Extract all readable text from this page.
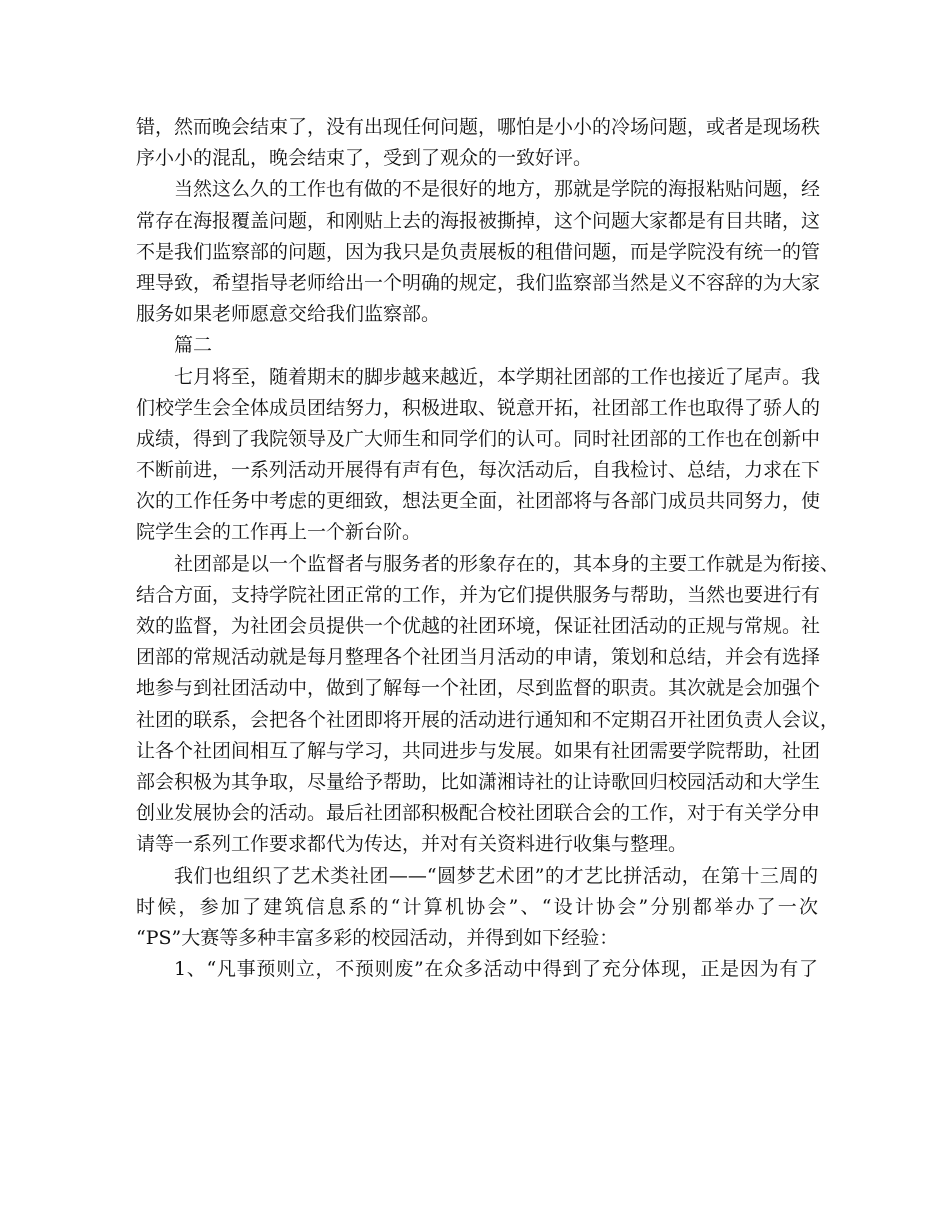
错，然而晚会结束了，没有出现任何问题，哪怕是小小的冷场问题，或者是现场秩
序小小的混乱，晚会结束了，受到了观众的一致好评。
当然这么久的工作也有做的不是很好的地方，那就是学院的海报粘贴问题，经
常存在海报覆盖问题，和刚贴上去的海报被撕掉，这个问题大家都是有目共睹，这
不是我们监察部的问题，因为我只是负责展板的租借问题，而是学院没有统一的管
理导致，希望指导老师给出一个明确的规定，我们监察部当然是义不容辞的为大家
服务如果老师愿意交给我们监察部。
篇二
七月将至，随着期末的脚步越来越近，本学期社团部的工作也接近了尾声。我
们校学生会全体成员团结努力，积极进取、锐意开拓，社团部工作也取得了骄人的
成绩，得到了我院领导及广大师生和同学们的认可。同时社团部的工作也在创新中
不断前进，一系列活动开展得有声有色，每次活动后，自我检讨、总结，力求在下
次的工作任务中考虑的更细致，想法更全面，社团部将与各部门成员共同努力，使
院学生会的工作再上一个新台阶。
社团部是以一个监督者与服务者的形象存在的，其本身的主要工作就是为衔接、
结合方面，支持学院社团正常的工作，并为它们提供服务与帮助，当然也要进行有
效的监督，为社团会员提供一个优越的社团环境，保证社团活动的正规与常规。社
团部的常规活动就是每月整理各个社团当月活动的申请，策划和总结，并会有选择
地参与到社团活动中，做到了解每一个社团，尽到监督的职责。其次就是会加强个
社团的联系，会把各个社团即将开展的活动进行通知和不定期召开社团负责人会议，
让各个社团间相互了解与学习，共同进步与发展。如果有社团需要学院帮助，社团
部会积极为其争取，尽量给予帮助，比如潇湘诗社的让诗歌回归校园活动和大学生
创业发展协会的活动。最后社团部积极配合校社团联合会的工作，对于有关学分申
请等一系列工作要求都代为传达，并对有关资料进行收集与整理。
我们也组织了艺术类社团——“圆梦艺术团”的才艺比拼活动，在第十三周的
时候，参加了建筑信息系的“计算机协会”、“设计协会”分别都举办了一次
“PS”大赛等多种丰富多彩的校园活动，并得到如下经验：
1、“凡事预则立，不预则废”在众多活动中得到了充分体现，正是因为有了
